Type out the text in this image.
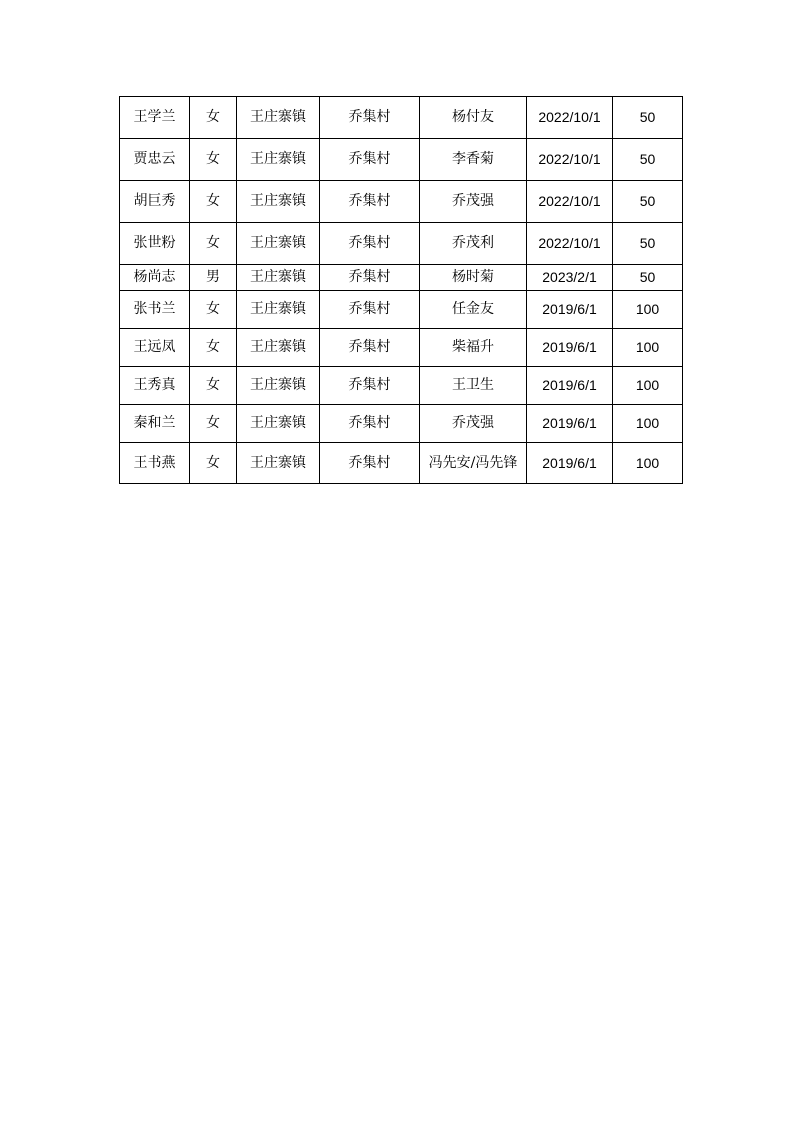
王学兰	女	王庄寨镇	乔集村	杨付友	2022/10/1	50
贾忠云	女	王庄寨镇	乔集村	李香菊	2022/10/1	50
胡巨秀	女	王庄寨镇	乔集村	乔茂强	2022/10/1	50
张世粉	女	王庄寨镇	乔集村	乔茂利	2022/10/1	50
杨尚志	男	王庄寨镇	乔集村	杨时菊	2023/2/1	50
张书兰	女	王庄寨镇	乔集村	任金友	2019/6/1	100
王远凤	女	王庄寨镇	乔集村	柴福升	2019/6/1	100
王秀真	女	王庄寨镇	乔集村	王卫生	2019/6/1	100
秦和兰	女	王庄寨镇	乔集村	乔茂强	2019/6/1	100
王书燕	女	王庄寨镇	乔集村	冯先安/冯先锋	2019/6/1	100
